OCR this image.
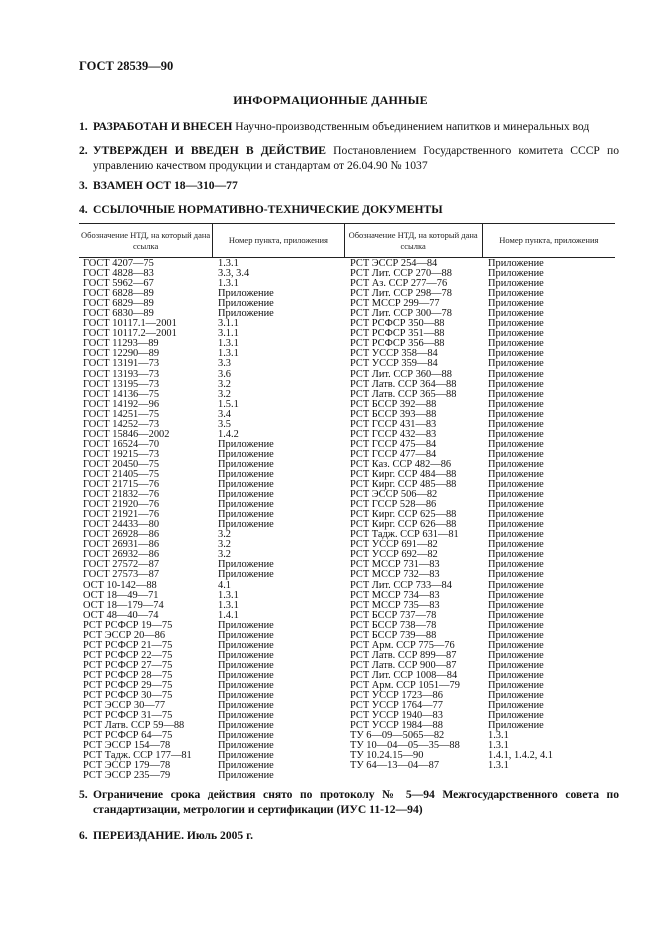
ГОСТ 28539—90
ИНФОРМАЦИОННЫЕ ДАННЫЕ
1. РАЗРАБОТАН И ВНЕСЕН Научно-производственным объединением напитков и минеральных вод
2. УТВЕРЖДЕН И ВВЕДЕН В ДЕЙСТВИЕ Постановлением Государственного комитета СССР по управлению качеством продукции и стандартам от 26.04.90 № 1037
3. ВЗАМЕН ОСТ 18—310—77
4. ССЫЛОЧНЫЕ НОРМАТИВНО-ТЕХНИЧЕСКИЕ ДОКУМЕНТЫ
Обозначение НТД, на который дана ссылка
Номер пункта, приложения
Обозначение НТД, на который дана ссылка
Номер пункта, приложения
ГОСТ 4207—75
ГОСТ 4828—83
ГОСТ 5962—67
ГОСТ 6828—89
ГОСТ 6829—89
ГОСТ 6830—89
ГОСТ 10117.1—2001
ГОСТ 10117.2—2001
ГОСТ 11293—89
ГОСТ 12290—89
ГОСТ 13191—73
ГОСТ 13193—73
ГОСТ 13195—73
ГОСТ 14136—75
ГОСТ 14192—96
ГОСТ 14251—75
ГОСТ 14252—73
ГОСТ 15846—2002
ГОСТ 16524—70
ГОСТ 19215—73
ГОСТ 20450—75
ГОСТ 21405—75
ГОСТ 21715—76
ГОСТ 21832—76
ГОСТ 21920—76
ГОСТ 21921—76
ГОСТ 24433—80
ГОСТ 26928—86
ГОСТ 26931—86
ГОСТ 26932—86
ГОСТ 27572—87
ГОСТ 27573—87
ОСТ 10-142—88
ОСТ 18—49—71
ОСТ 18—179—74
ОСТ 48—40—74
РСТ РСФСР 19—75
РСТ ЭССР 20—86
РСТ РСФСР 21—75
РСТ РСФСР 22—75
РСТ РСФСР 27—75
РСТ РСФСР 28—75
РСТ РСФСР 29—75
РСТ РСФСР 30—75
РСТ ЭССР 30—77
РСТ РСФСР 31—75
РСТ Латв. ССР 59—88
РСТ РСФСР 64—75
РСТ ЭССР 154—78
РСТ Тадж. ССР 177—81
РСТ ЭССР 179—78
РСТ ЭССР 235—79
1.3.1
3.3, 3.4
1.3.1
Приложение
Приложение
Приложение
3.1.1
3.1.1
1.3.1
1.3.1
3.3
3.6
3.2
3.2
1.5.1
3.4
3.5
1.4.2
Приложение
Приложение
Приложение
Приложение
Приложение
Приложение
Приложение
Приложение
Приложение
3.2
3.2
3.2
Приложение
Приложение
4.1
1.3.1
1.3.1
1.4.1
Приложение
Приложение
Приложение
Приложение
Приложение
Приложение
Приложение
Приложение
Приложение
Приложение
Приложение
Приложение
Приложение
Приложение
Приложение
Приложение
РСТ ЭССР 254—84
РСТ Лит. ССР 270—88
РСТ Аз. ССР 277—76
РСТ Лит. ССР 298—78
РСТ МССР 299—77
РСТ Лит. ССР 300—78
РСТ РСФСР 350—88
РСТ РСФСР 351—88
РСТ РСФСР 356—88
РСТ УССР 358—84
РСТ УССР 359—84
РСТ Лит. ССР 360—88
РСТ Латв. ССР 364—88
РСТ Латв. ССР 365—88
РСТ БССР 392—88
РСТ БССР 393—88
РСТ ГССР 431—83
РСТ ГССР 432—83
РСТ ГССР 475—84
РСТ ГССР 477—84
РСТ Каз. ССР 482—86
РСТ Кирг. ССР 484—88
РСТ Кирг. ССР 485—88
РСТ ЭССР 506—82
РСТ ГССР 528—86
РСТ Кирг. ССР 625—88
РСТ Кирг. ССР 626—88
РСТ Тадж. ССР 631—81
РСТ УССР 691—82
РСТ УССР 692—82
РСТ МССР 731—83
РСТ МССР 732—83
РСТ Лит. ССР 733—84
РСТ МССР 734—83
РСТ МССР 735—83
РСТ БССР 737—78
РСТ БССР 738—78
РСТ БССР 739—88
РСТ Арм. ССР 775—76
РСТ Латв. ССР 899—87
РСТ Латв. ССР 900—87
РСТ Лит. ССР 1008—84
РСТ Арм. ССР 1051—79
РСТ УССР 1723—86
РСТ УССР 1764—77
РСТ УССР 1940—83
РСТ УССР 1984—88
ТУ 6—09—5065—82
ТУ 10—04—05—35—88
ТУ 10.24.15—90
ТУ 64—13—04—87
Приложение
Приложение
Приложение
Приложение
Приложение
Приложение
Приложение
Приложение
Приложение
Приложение
Приложение
Приложение
Приложение
Приложение
Приложение
Приложение
Приложение
Приложение
Приложение
Приложение
Приложение
Приложение
Приложение
Приложение
Приложение
Приложение
Приложение
Приложение
Приложение
Приложение
Приложение
Приложение
Приложение
Приложение
Приложение
Приложение
Приложение
Приложение
Приложение
Приложение
Приложение
Приложение
Приложение
Приложение
Приложение
Приложение
Приложение
1.3.1
1.3.1
1.4.1, 1.4.2, 4.1
1.3.1
5. Ограничение срока действия снято по протоколу № 5—94 Межгосударственного совета по стандартизации, метрологии и сертификации (ИУС 11-12—94)
6. ПЕРЕИЗДАНИЕ. Июль 2005 г.
